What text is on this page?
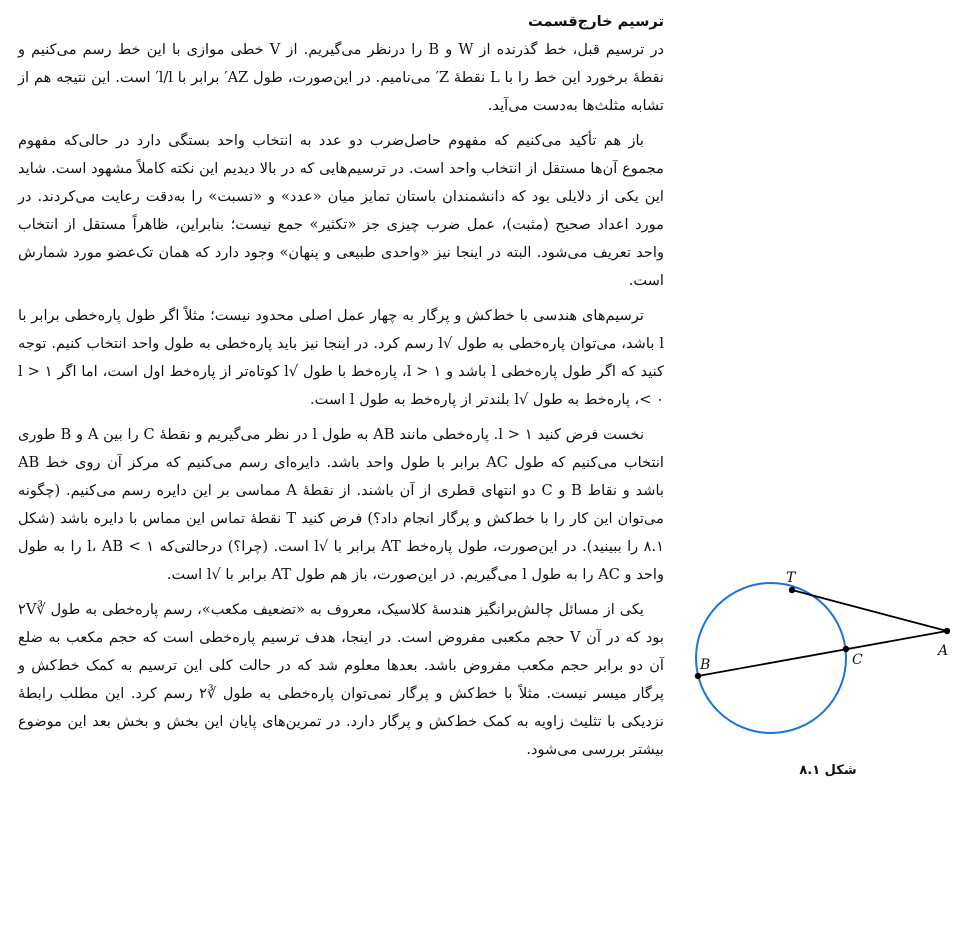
ترسیم خارج‌قسمت

در ترسیم قبل، خط گذرنده از W و B را درنظر می‌گیریم. از V خطی موازی با این خط رسم می‌کنیم و نقطهٔ برخورد این خط را با L نقطهٔ Z′ می‌نامیم. در این‌صورت، طول AZ′ برابر با l/l′ است. این نتیجه هم از تشابه مثلث‌ها به‌دست می‌آید.

باز هم تأکید می‌کنیم که مفهوم حاصل‌ضرب دو عدد به انتخاب واحد بستگی دارد در حالی‌که مفهوم مجموع آن‌ها مستقل از انتخاب واحد است. در ترسیم‌هایی که در بالا دیدیم این نکته کاملاً مشهود است. شاید این یکی از دلایلی بود که دانشمندان باستان تمایز میان «عدد» و «نسبت» را به‌دقت رعایت می‌کردند. در مورد اعداد صحیح (مثبت)، عمل ضرب چیزی جز «تکثیر» جمع نیست؛ بنابراین، ظاهراً مستقل از انتخاب واحد تعریف می‌شود. البته در اینجا نیز «واحدی طبیعی و پنهان» وجود دارد که همان تک‌عضو مورد شمارش است.

ترسیم‌های هندسی با خط‌کش و پرگار به چهار عمل اصلی محدود نیست؛ مثلاً اگر طول پاره‌خطی برابر با l باشد، می‌توان پاره‌خطی به طول √l رسم کرد. در اینجا نیز باید پاره‌خطی به طول واحد انتخاب کنیم. توجه کنید که اگر طول پاره‌خطی l باشد و ۱ < l، پاره‌خط با طول √l کوتاه‌تر از پاره‌خط اول است، اما اگر ۱ < l < ۰، پاره‌خط به طول √l بلندتر از پاره‌خط به طول l است.

نخست فرض کنید ۱ < l. پاره‌خطی مانند AB به طول l در نظر می‌گیریم و نقطهٔ C را بین A و B طوری انتخاب می‌کنیم که طول AC برابر با طول واحد باشد. دایره‌ای رسم می‌کنیم که مرکز آن روی خط AB باشد و نقاط B و C دو انتهای قطری از آن باشند. از نقطهٔ A مماسی بر این دایره رسم می‌کنیم. (چگونه می‌توان این کار را با خط‌کش و پرگار انجام داد؟) فرض کنید T نقطهٔ تماس این مماس با دایره باشد (شکل ۸.۱ را ببینید). در این‌صورت، طول پاره‌خط AT برابر با √l است. (چرا؟) درحالتی‌که ۱ > l، AB را به طول واحد و AC را به طول l می‌گیریم. در این‌صورت، باز هم طول AT برابر با √l است.

یکی از مسائل چالش‌برانگیز هندسهٔ کلاسیک، معروف به «تضعیف مکعب»، رسم پاره‌خطی به طول ∛۲V بود که در آن V حجم مکعبی مفروض است. در اینجا، هدف ترسیم پاره‌خطی است که حجم مکعب به ضلع آن دو برابر حجم مکعب مفروض باشد. بعدها معلوم شد که در حالت کلی این ترسیم به کمک خط‌کش و پرگار میسر نیست. مثلاً با خط‌کش و پرگار نمی‌توان پاره‌خطی به طول ∛۲ رسم کرد. این مطلب رابطهٔ نزدیکی با تثلیث زاویه به کمک خط‌کش و پرگار دارد. در تمرین‌های پایان این بخش و بخش بعد این موضوع بیشتر بررسی می‌شود.

T
A
B	C
شکل ۸.۱
